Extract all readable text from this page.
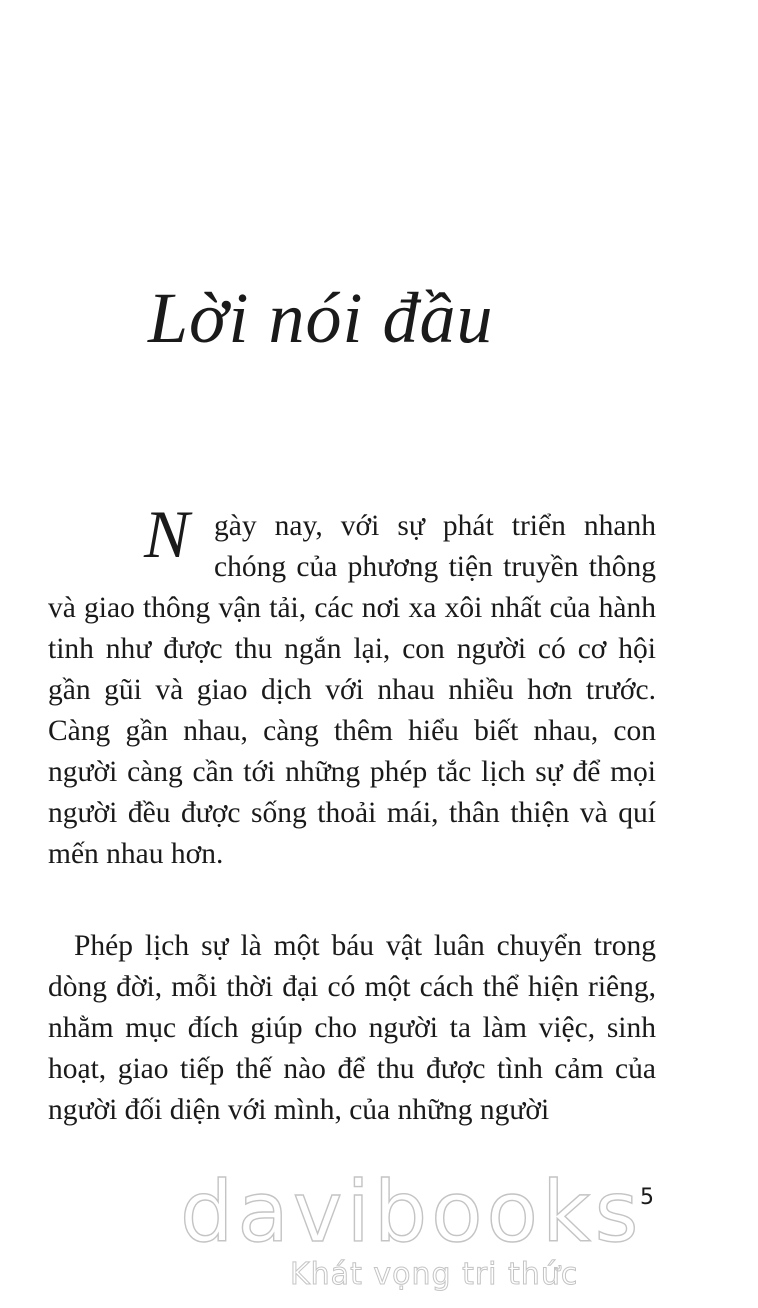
Lời nói đầu
N gày nay, với sự phát triển nhanh chóng của phương tiện truyền thông và giao thông vận tải, các nơi xa xôi nhất của hành tinh như được thu ngắn lại, con người có cơ hội gần gũi và giao dịch với nhau nhiều hơn trước. Càng gần nhau, càng thêm hiểu biết nhau, con người càng cần tới những phép tắc lịch sự để mọi người đều được sống thoải mái, thân thiện và quí mến nhau hơn.
Phép lịch sự là một báu vật luân chuyển trong dòng đời, mỗi thời đại có một cách thể hiện riêng, nhằm mục đích giúp cho người ta làm việc, sinh hoạt, giao tiếp thế nào để thu được tình cảm của người đối diện với mình, của những người
5
davibooks
Khát vọng tri thức
